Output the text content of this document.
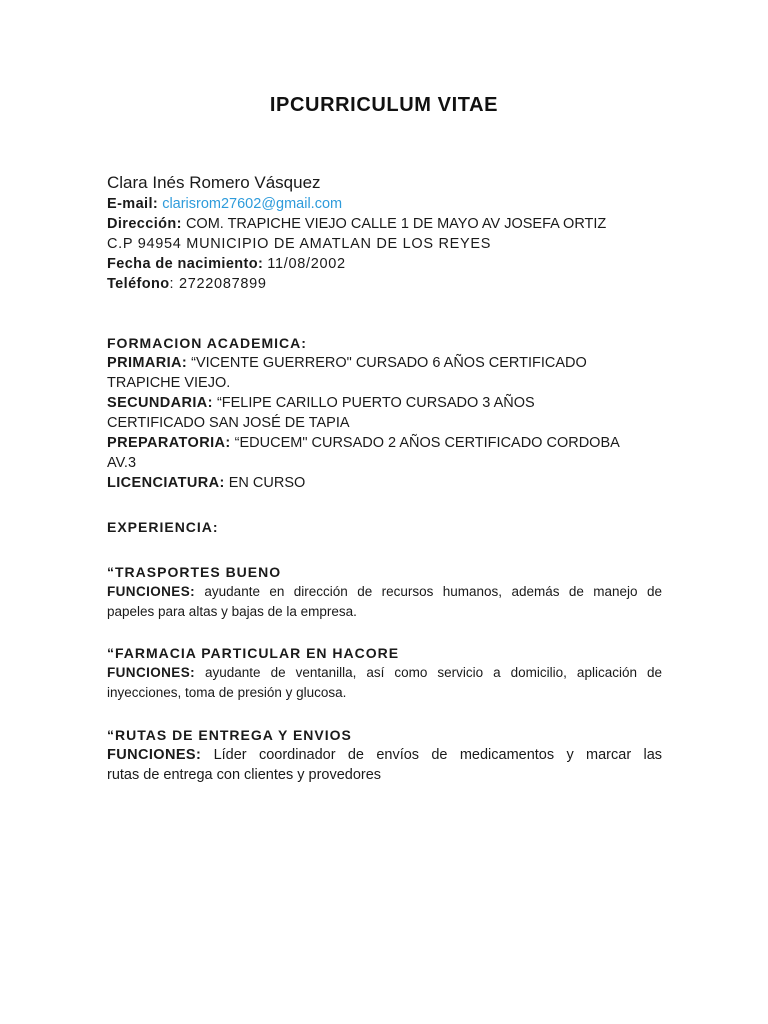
IPCURRICULUM VITAE
Clara Inés Romero Vásquez
E-mail: clarisrom27602@gmail.com
Dirección: COM. TRAPICHE VIEJO CALLE 1 DE MAYO AV JOSEFA ORTIZ
C.P 94954 MUNICIPIO DE AMATLAN DE LOS REYES
Fecha de nacimiento: 11/08/2002
Teléfono: 2722087899
FORMACION ACADEMICA:
PRIMARIA: “VICENTE GUERRERO" CURSADO 6 AÑOS CERTIFICADO
TRAPICHE VIEJO.
SECUNDARIA: “FELIPE CARILLO PUERTO CURSADO 3 AÑOS
CERTIFICADO SAN JOSÉ DE TAPIA
PREPARATORIA: “EDUCEM" CURSADO 2 AÑOS CERTIFICADO CORDOBA
AV.3
LICENCIATURA: EN CURSO
EXPERIENCIA:
“TRASPORTES BUENO
FUNCIONES: ayudante en dirección de recursos humanos, además de manejo de
papeles para altas y bajas de la empresa.
“FARMACIA PARTICULAR EN HACORE
FUNCIONES: ayudante de ventanilla, así como servicio a domicilio, aplicación de
inyecciones, toma de presión y glucosa.
“RUTAS DE ENTREGA Y ENVIOS
FUNCIONES: Líder coordinador de envíos de medicamentos y marcar las
rutas de entrega con clientes y provedores
